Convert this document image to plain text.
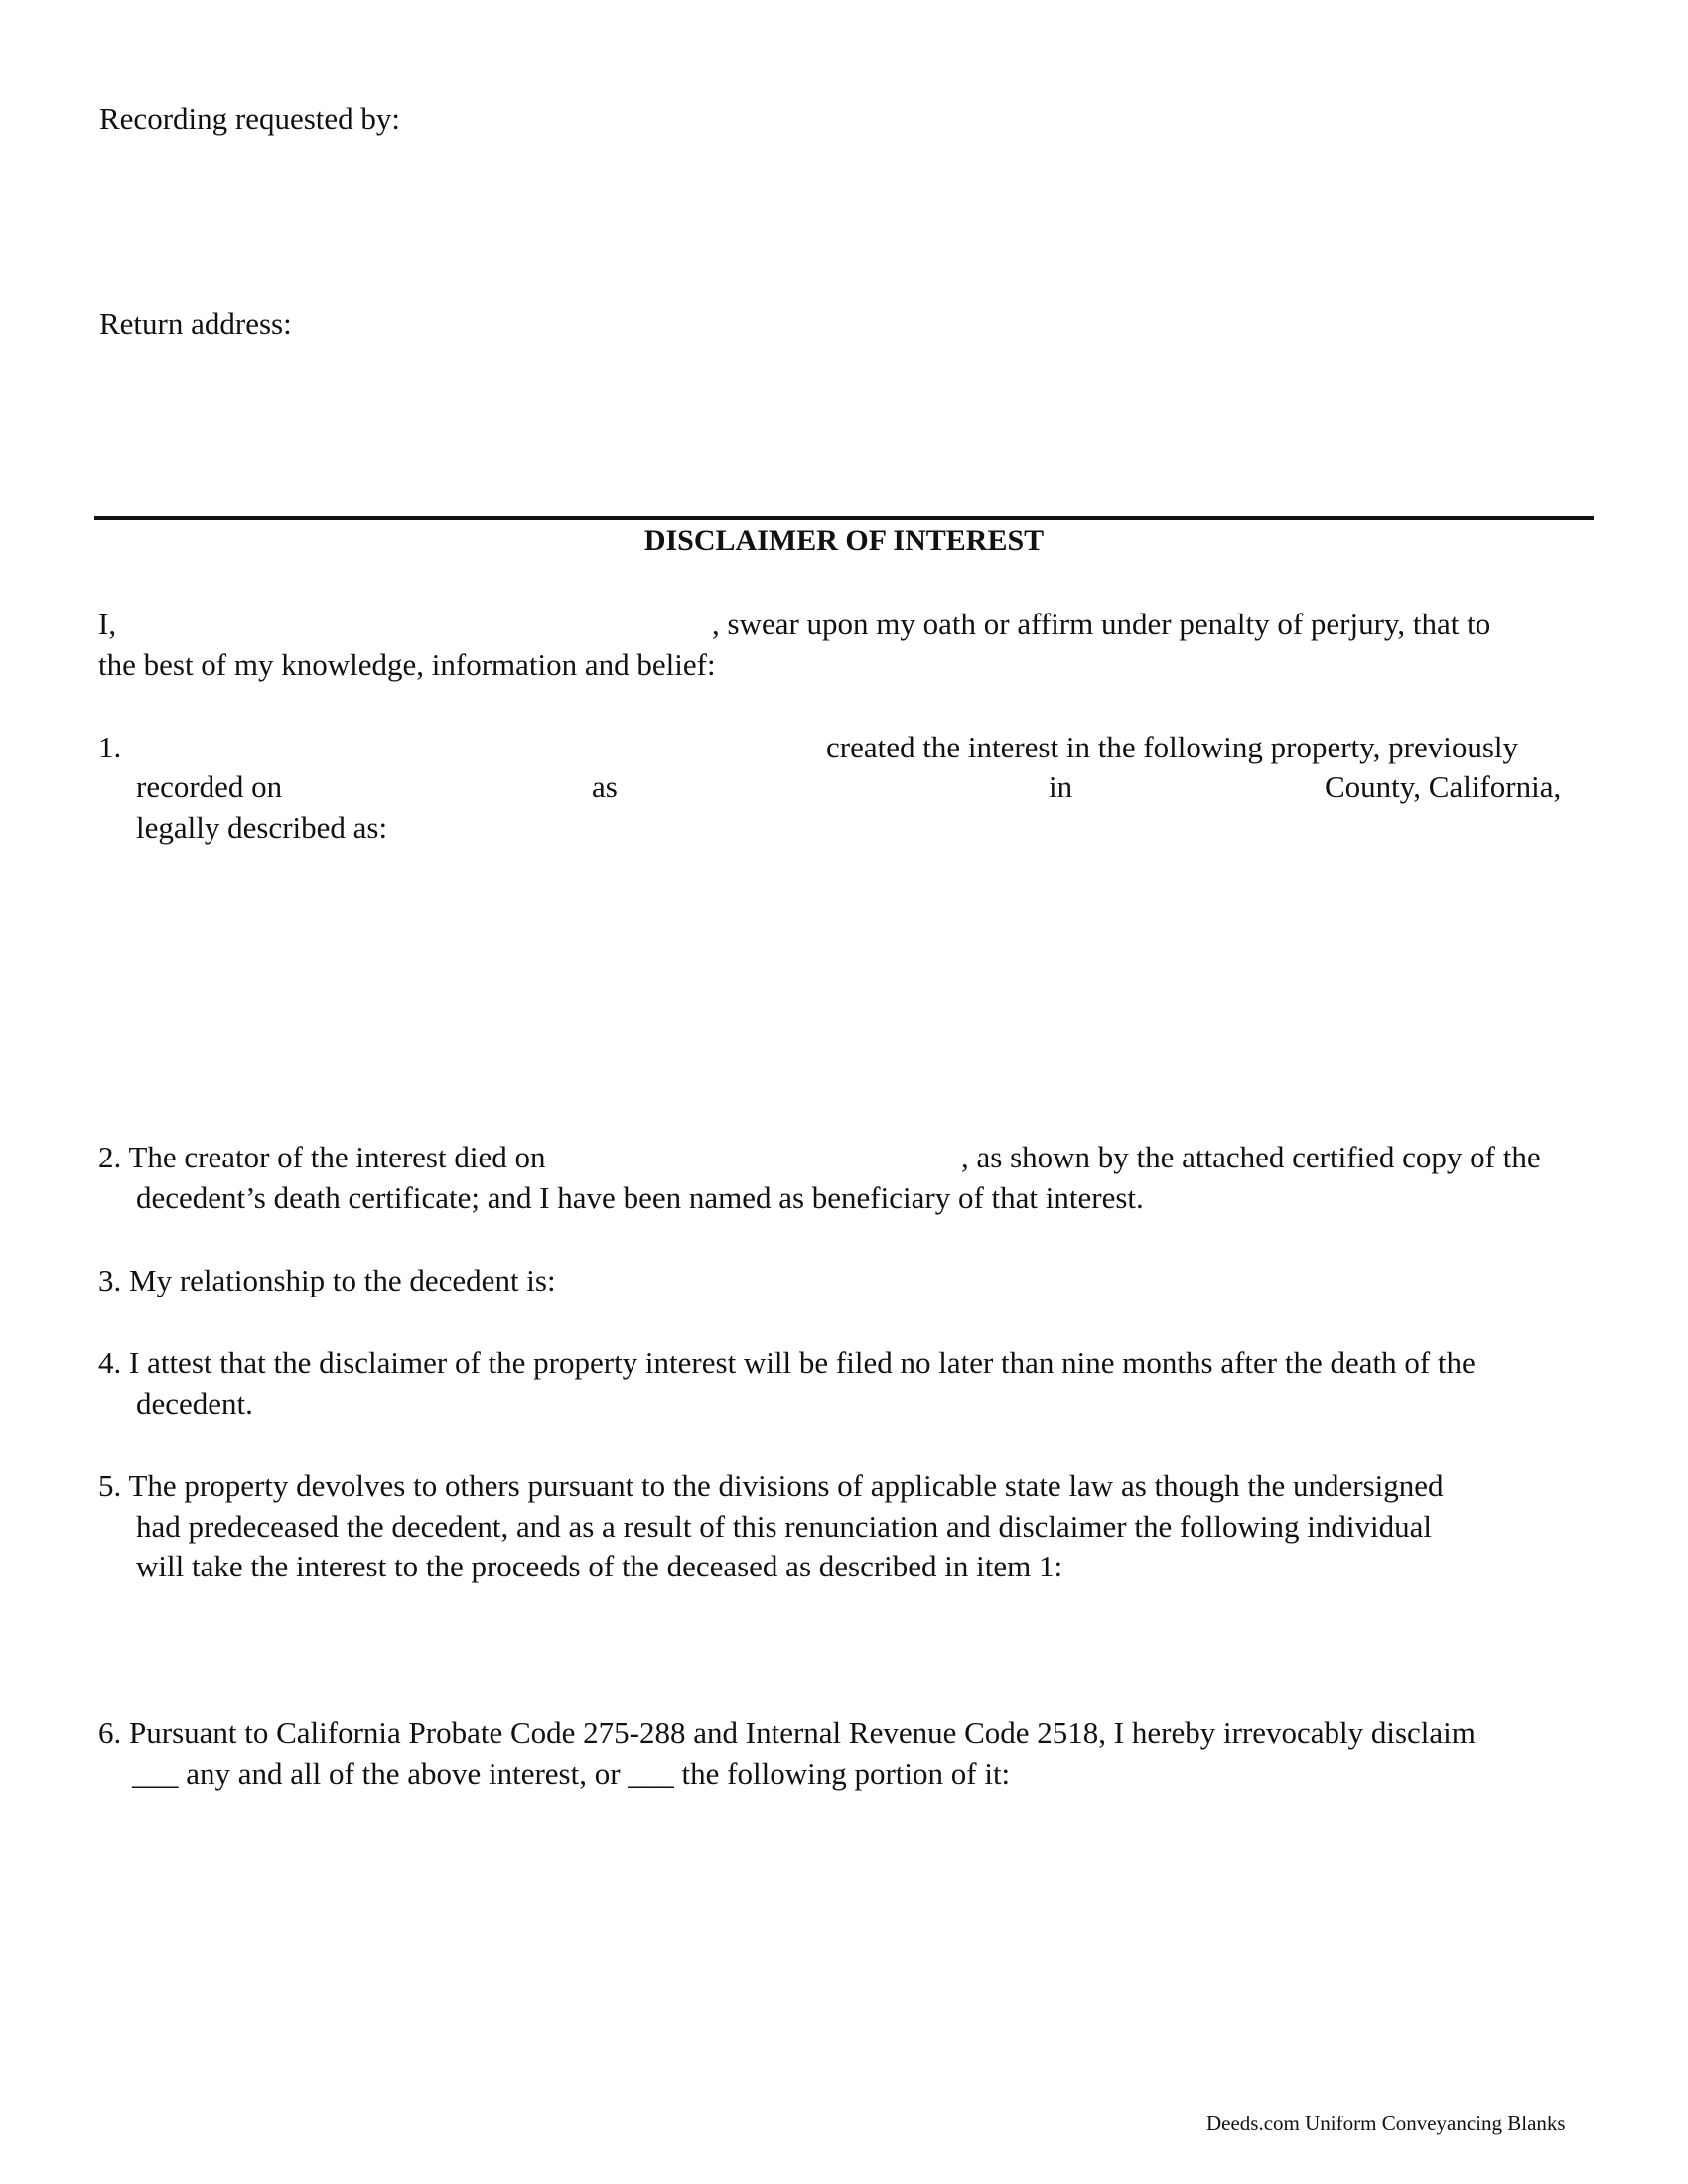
Recording requested by:
Return address:
DISCLAIMER OF INTEREST
I,	, swear upon my oath or affirm under penalty of perjury, that to
the best of my knowledge, information and belief:
1.	created the interest in the following property, previously
recorded on	as	in	County, California,
legally described as:
2. The creator of the interest died on	, as shown by the attached certified copy of the
decedent’s death certificate; and I have been named as beneficiary of that interest.
3. My relationship to the decedent is:
4. I attest that the disclaimer of the property interest will be filed no later than nine months after the death of the
decedent.
5. The property devolves to others pursuant to the divisions of applicable state law as though the undersigned
had predeceased the decedent, and as a result of this renunciation and disclaimer the following individual
will take the interest to the proceeds of the deceased as described in item 1:
6. Pursuant to California Probate Code 275-288 and Internal Revenue Code 2518, I hereby irrevocably disclaim
___ any and all of the above interest, or ___ the following portion of it:
Deeds.com Uniform Conveyancing Blanks
